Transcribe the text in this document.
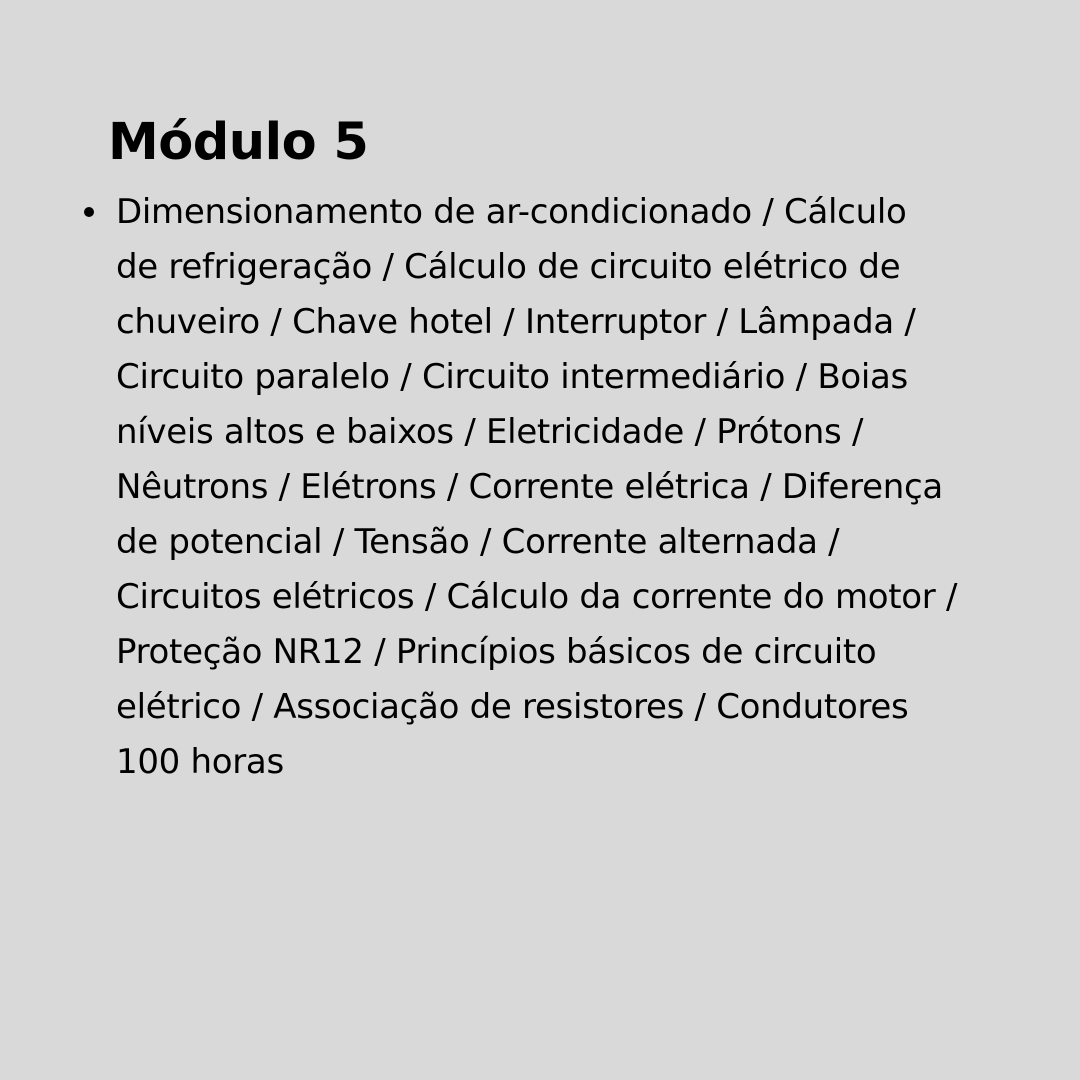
Módulo 5
Dimensionamento de ar-condicionado / Cálculo
de refrigeração / Cálculo de circuito elétrico de
chuveiro / Chave hotel / Interruptor / Lâmpada /
Circuito paralelo / Circuito intermediário / Boias
níveis altos e baixos / Eletricidade / Prótons /
Nêutrons / Elétrons / Corrente elétrica / Diferença
de potencial / Tensão / Corrente alternada /
Circuitos elétricos / Cálculo da corrente do motor /
Proteção NR12 / Princípios básicos de circuito
elétrico / Associação de resistores / Condutores
100 horas
